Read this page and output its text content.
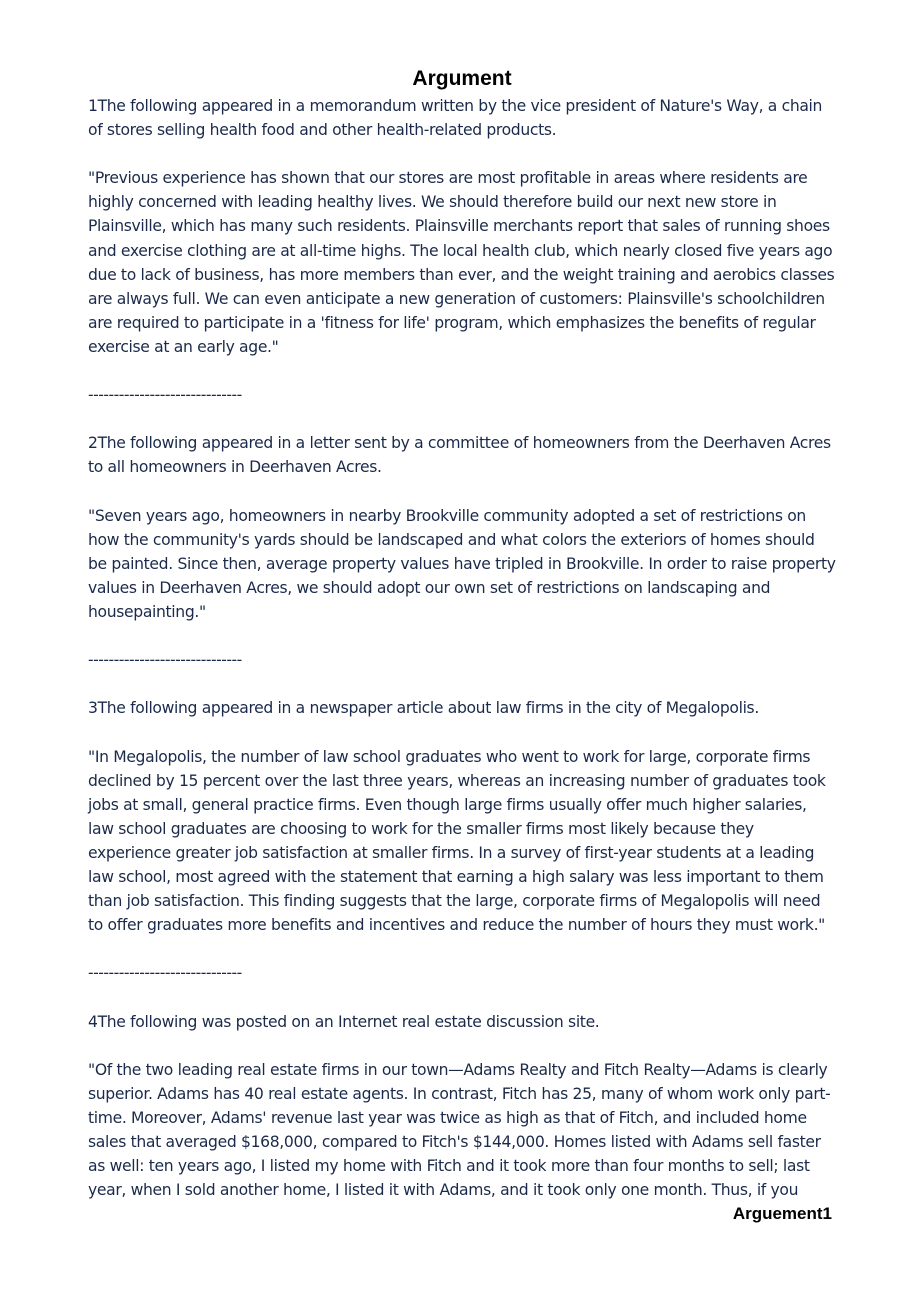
Argument

1The following appeared in a memorandum written by the vice president of Nature's Way, a chain of stores selling health food and other health-related products.

"Previous experience has shown that our stores are most profitable in areas where residents are highly concerned with leading healthy lives. We should therefore build our next new store in Plainsville, which has many such residents. Plainsville merchants report that sales of running shoes and exercise clothing are at all-time highs. The local health club, which nearly closed five years ago due to lack of business, has more members than ever, and the weight training and aerobics classes are always full. We can even anticipate a new generation of customers: Plainsville's schoolchildren are required to participate in a 'fitness for life' program, which emphasizes the benefits of regular exercise at an early age."

------------------------------

2The following appeared in a letter sent by a committee of homeowners from the Deerhaven Acres to all homeowners in Deerhaven Acres.

"Seven years ago, homeowners in nearby Brookville community adopted a set of restrictions on how the community's yards should be landscaped and what colors the exteriors of homes should be painted. Since then, average property values have tripled in Brookville. In order to raise property values in Deerhaven Acres, we should adopt our own set of restrictions on landscaping and housepainting."

------------------------------

3The following appeared in a newspaper article about law firms in the city of Megalopolis.

"In Megalopolis, the number of law school graduates who went to work for large, corporate firms declined by 15 percent over the last three years, whereas an increasing number of graduates took jobs at small, general practice firms. Even though large firms usually offer much higher salaries, law school graduates are choosing to work for the smaller firms most likely because they experience greater job satisfaction at smaller firms. In a survey of first-year students at a leading law school, most agreed with the statement that earning a high salary was less important to them than job satisfaction. This finding suggests that the large, corporate firms of Megalopolis will need to offer graduates more benefits and incentives and reduce the number of hours they must work."

------------------------------

4The following was posted on an Internet real estate discussion site.

"Of the two leading real estate firms in our town—Adams Realty and Fitch Realty—Adams is clearly superior. Adams has 40 real estate agents. In contrast, Fitch has 25, many of whom work only part-time. Moreover, Adams' revenue last year was twice as high as that of Fitch, and included home sales that averaged $168,000, compared to Fitch's $144,000. Homes listed with Adams sell faster as well: ten years ago, I listed my home with Fitch and it took more than four months to sell; last year, when I sold another home, I listed it with Adams, and it took only one month. Thus, if you

Arguement1
